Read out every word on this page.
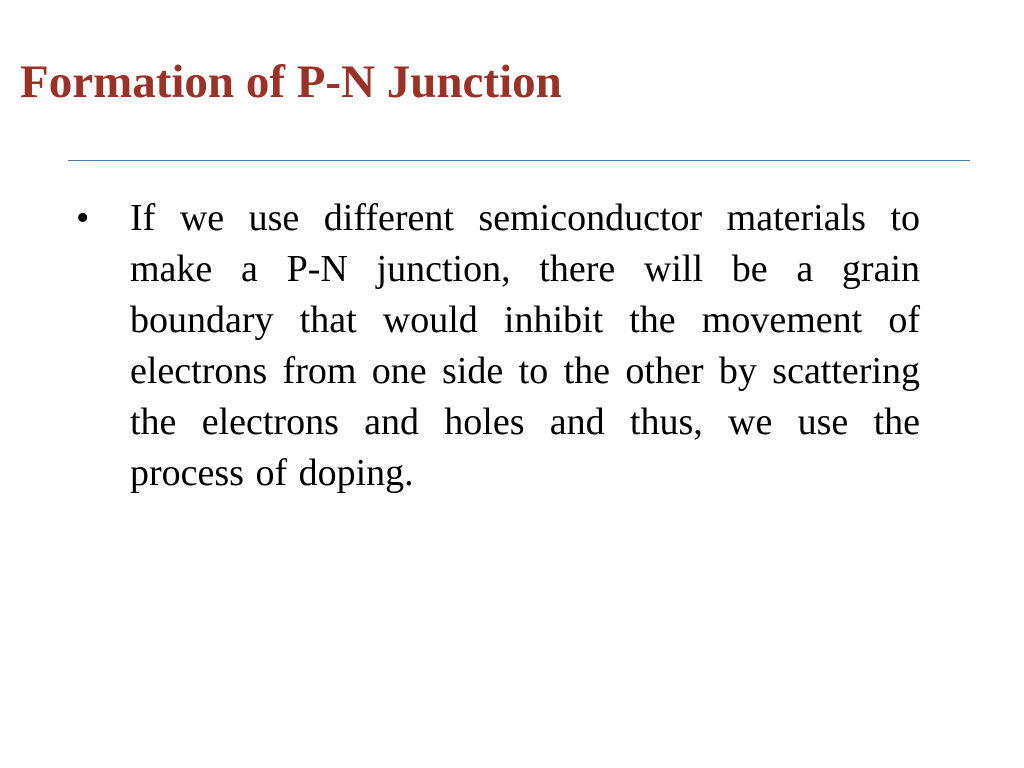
Formation of P-N Junction
• If we use different semiconductor materials to make a P-N junction, there will be a grain boundary that would inhibit the movement of electrons from one side to the other by scattering the electrons and holes and thus, we use the process of doping.
